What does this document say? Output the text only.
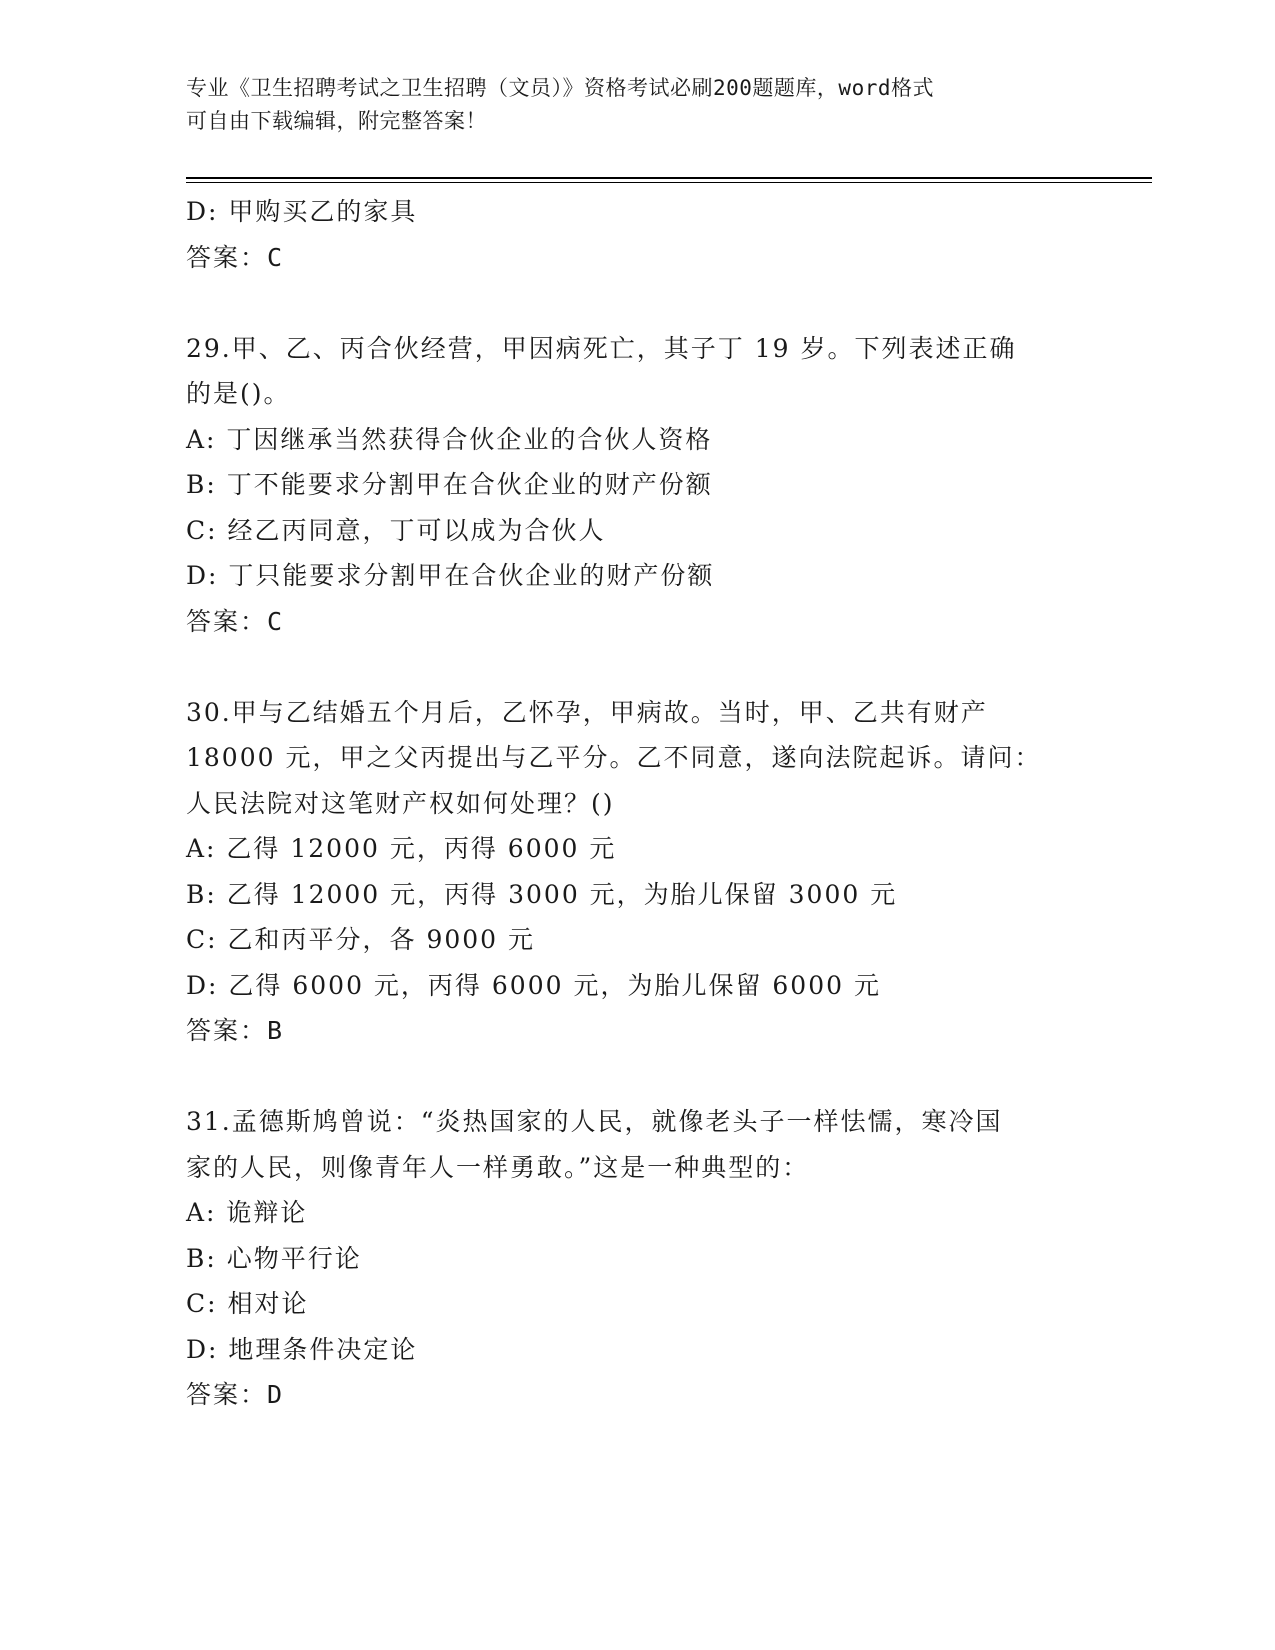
专业《卫生招聘考试之卫生招聘（文员）》资格考试必刷200题题库，word格式
可自由下载编辑，附完整答案！
D: 甲购买乙的家具
答案：C
29.甲、乙、丙合伙经营，甲因病死亡，其子丁 19 岁。下列表述正确
的是()。
A: 丁因继承当然获得合伙企业的合伙人资格
B: 丁不能要求分割甲在合伙企业的财产份额
C: 经乙丙同意，丁可以成为合伙人
D: 丁只能要求分割甲在合伙企业的财产份额
答案：C
30.甲与乙结婚五个月后，乙怀孕，甲病故。当时，甲、乙共有财产
18000 元，甲之父丙提出与乙平分。乙不同意，遂向法院起诉。请问：
人民法院对这笔财产权如何处理？()
A: 乙得 12000 元，丙得 6000 元
B: 乙得 12000 元，丙得 3000 元，为胎儿保留 3000 元
C: 乙和丙平分，各 9000 元
D: 乙得 6000 元，丙得 6000 元，为胎儿保留 6000 元
答案：B
31.孟德斯鸠曾说：“炎热国家的人民，就像老头子一样怯懦，寒冷国
家的人民，则像青年人一样勇敢。”这是一种典型的：
A: 诡辩论
B: 心物平行论
C: 相对论
D: 地理条件决定论
答案：D
